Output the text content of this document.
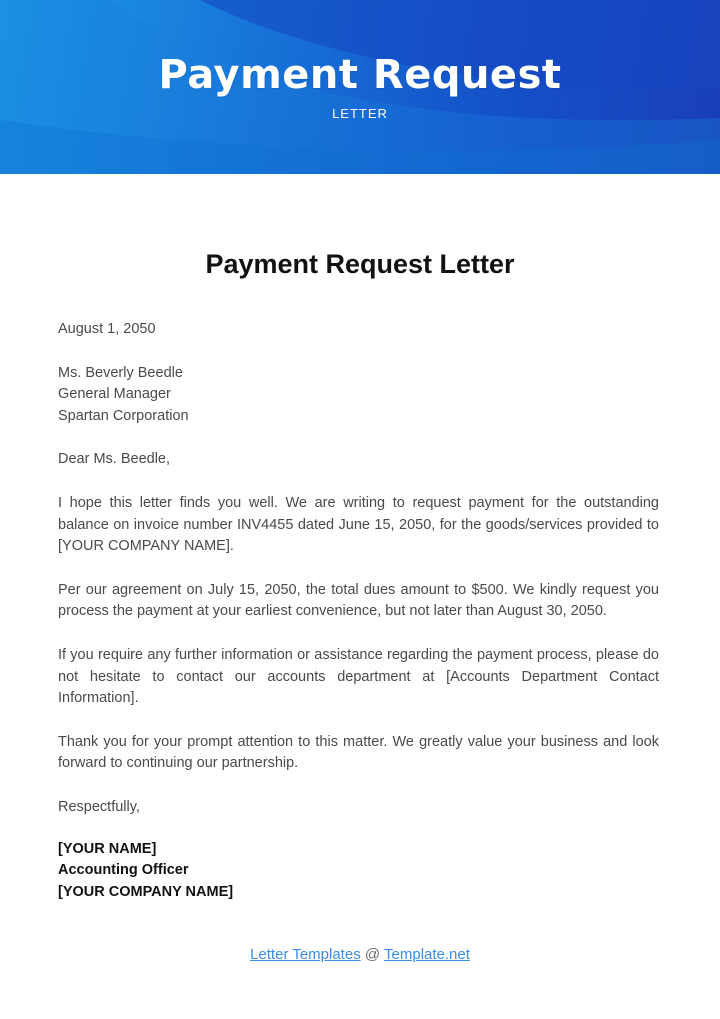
Payment Request
LETTER
Payment Request Letter

August 1, 2050

Ms. Beverly Beedle
General Manager
Spartan Corporation

Dear Ms. Beedle,

I hope this letter finds you well. We are writing to request payment for the outstanding balance on invoice number INV4455 dated June 15, 2050, for the goods/services provided to [YOUR COMPANY NAME].

Per our agreement on July 15, 2050, the total dues amount to $500. We kindly request you process the payment at your earliest convenience, but not later than August 30, 2050.

If you require any further information or assistance regarding the payment process, please do not hesitate to contact our accounts department at [Accounts Department Contact Information].

Thank you for your prompt attention to this matter. We greatly value your business and look forward to continuing our partnership.

Respectfully,

[YOUR NAME]
Accounting Officer
[YOUR COMPANY NAME]

Letter Templates @ Template.net
